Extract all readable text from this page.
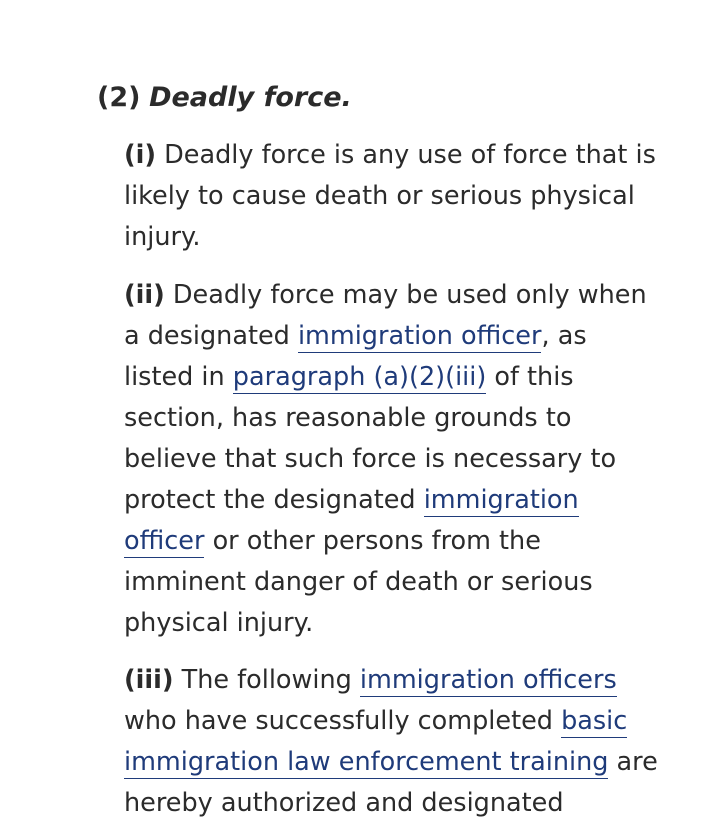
(2) Deadly force.
(i) Deadly force is any use of force that is likely to cause death or serious physical injury.
(ii) Deadly force may be used only when a designated immigration officer, as listed in paragraph (a)(2)(iii) of this section, has reasonable grounds to believe that such force is necessary to protect the designated immigration officer or other persons from the imminent danger of death or serious physical injury.
(iii) The following immigration officers who have successfully completed basic immigration law enforcement training are hereby authorized and designated
